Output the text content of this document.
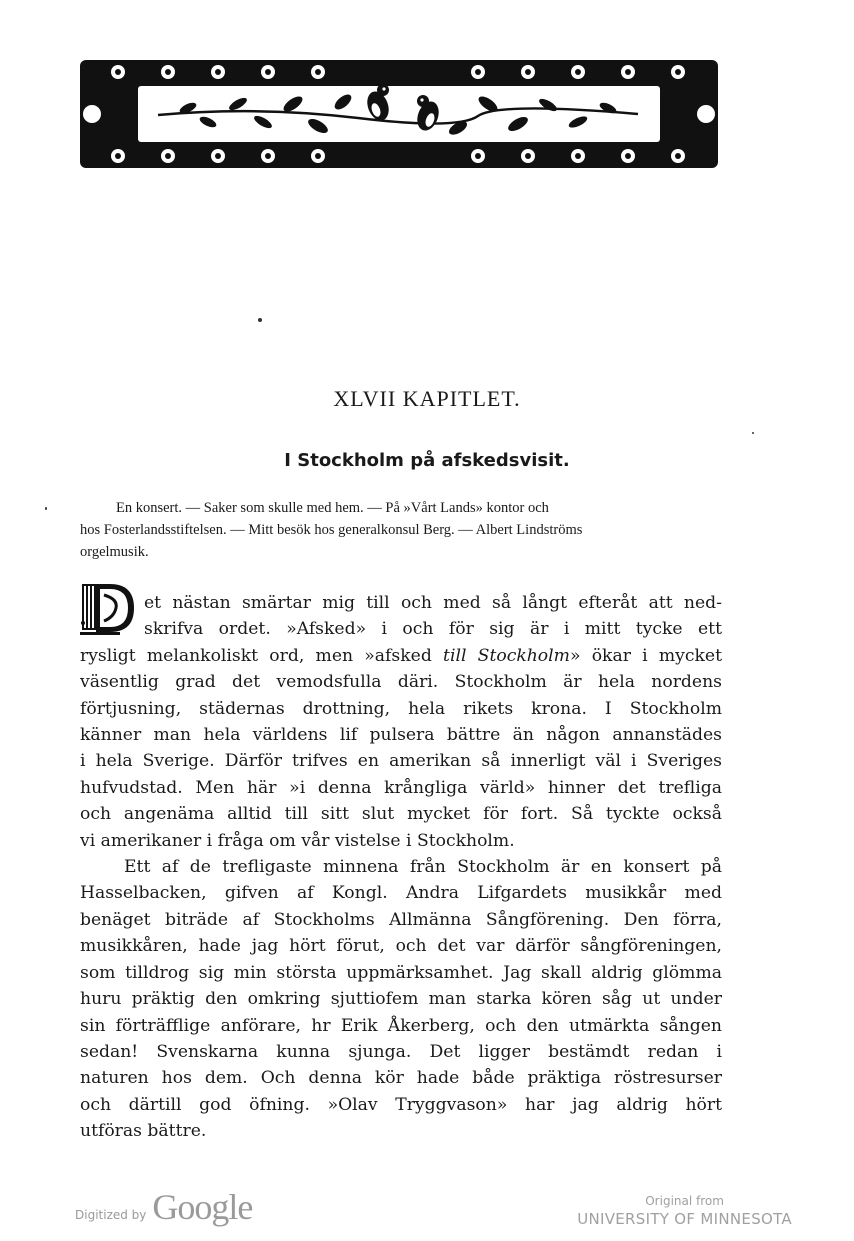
XLVII KAPITLET.
I Stockholm på afskedsvisit.
En konsert. — Saker som skulle med hem. — På »Vårt Lands» kontor och
hos Fosterlandsstiftelsen. — Mitt besök hos generalkonsul Berg. — Albert Lindströms
orgelmusik.
et nästan smärtar mig till och med så långt efteråt att ned-
skrifva ordet. »Afsked» i och för sig är i mitt tycke ett
rysligt melankoliskt ord, men »afsked till Stockholm» ökar i mycket
väsentlig grad det vemodsfulla däri. Stockholm är hela nordens
förtjusning, städernas drottning, hela rikets krona. I Stockholm
känner man hela världens lif pulsera bättre än någon annanstädes
i hela Sverige. Därför trifves en amerikan så innerligt väl i Sveriges
hufvudstad. Men här »i denna krångliga värld» hinner det trefliga
och angenäma alltid till sitt slut mycket för fort. Så tyckte också
vi amerikaner i fråga om vår vistelse i Stockholm.
Ett af de trefligaste minnena från Stockholm är en konsert på
Hasselbacken, gifven af Kongl. Andra Lifgardets musikkår med
benäget biträde af Stockholms Allmänna Sångförening. Den förra,
musikkåren, hade jag hört förut, och det var därför sångföreningen,
som tilldrog sig min största uppmärksamhet. Jag skall aldrig glömma
huru präktig den omkring sjuttiofem man starka kören såg ut under
sin förträfflige anförare, hr Erik Åkerberg, och den utmärkta sången
sedan! Svenskarna kunna sjunga. Det ligger bestämdt redan i
naturen hos dem. Och denna kör hade både präktiga röstresurser
och därtill god öfning. »Olav Tryggvason» har jag aldrig hört
utföras bättre.
Digitized by Google	Original from
UNIVERSITY OF MINNESOTA
